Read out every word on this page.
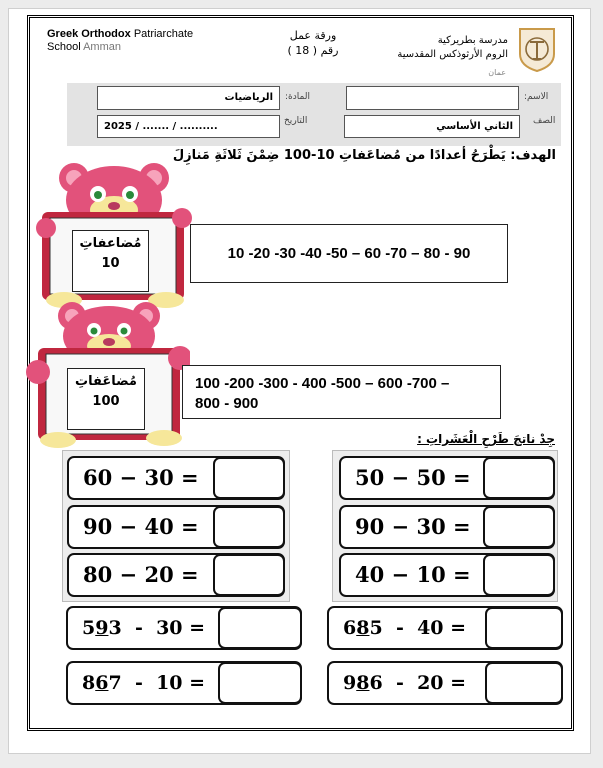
Greek Orthodox Patriarchate
School Amman
ورقة عمل
رقم ( 18 )
مدرسة بطريركية
الروم الأرثوذكس المقدسية
عمان
الرياضيات	المادة:	الاسم:
2025 / ....... / ..........	التاريخ	الثاني الأساسي	الصف
الهدف: يَطْرَحُ أعدادًا من مُضاعَفاتِ 10-100 ضِمْنَ ثَلاثَةِ مَنازِلَ
مُضاعفاتِ
10
10 -20 -30 -40 -50 – 60 -70 – 80 - 90
مُضاعَفاتِ
100
100 -200 -300 - 400 -500 – 600 -700 –
800 - 900
جِدْ ناتجَ طَرْحِ الْعَشَراتِ :
60 − 30 =	50 − 50 =
90 − 40 =	90 − 30 =
80 − 20 =	40 − 10 =
593 - 30 =	685 - 40 =
867 - 10 =	986 - 20 =
